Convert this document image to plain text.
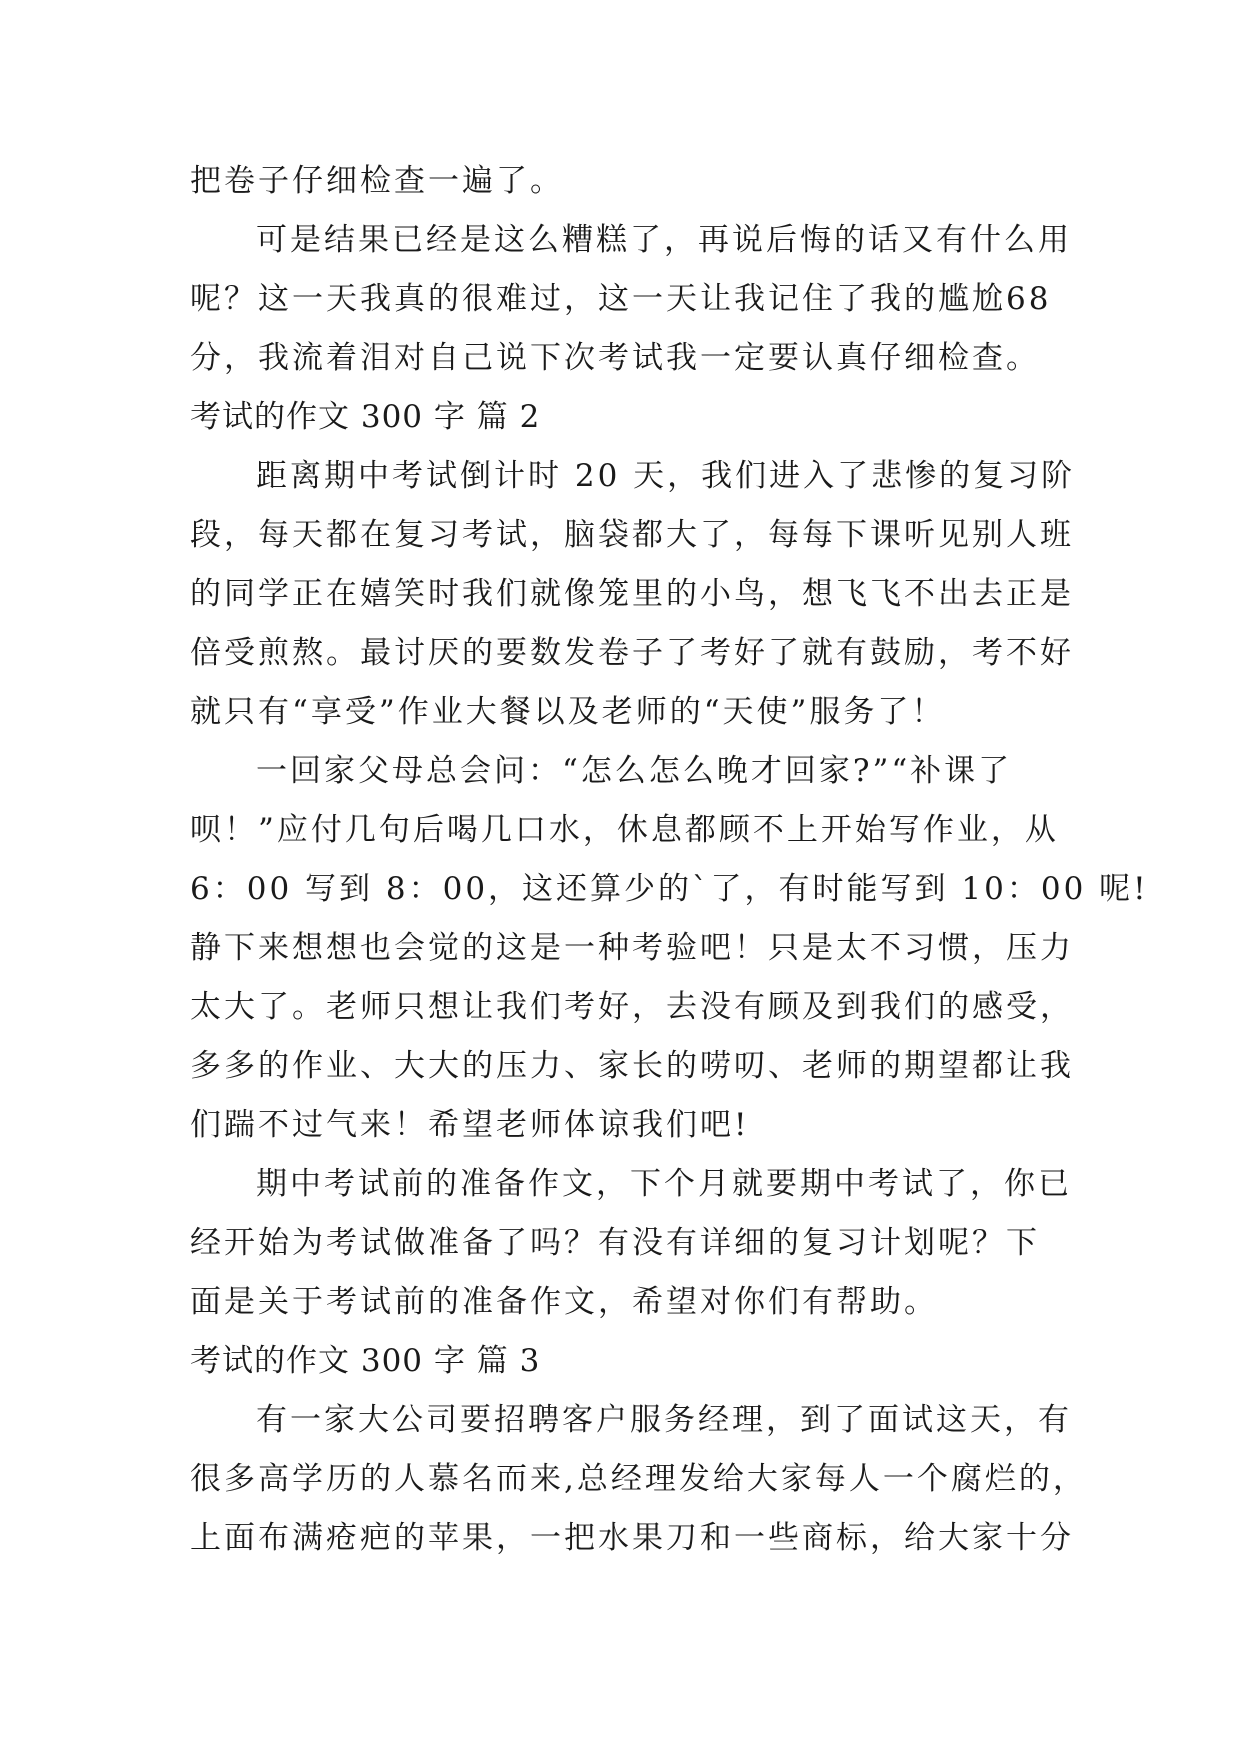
把卷子仔细检查一遍了。
可是结果已经是这么糟糕了，再说后悔的话又有什么用
呢？这一天我真的很难过，这一天让我记住了我的尴尬68
分，我流着泪对自己说下次考试我一定要认真仔细检查。
考试的作文 300 字 篇 2
距离期中考试倒计时 20 天，我们进入了悲惨的复习阶
段，每天都在复习考试，脑袋都大了，每每下课听见别人班
的同学正在嬉笑时我们就像笼里的小鸟，想飞飞不出去正是
倍受煎熬。最讨厌的要数发卷子了考好了就有鼓励，考不好
就只有“享受”作业大餐以及老师的“天使”服务了！
一回家父母总会问：“怎么怎么晚才回家?”“补课了
呗！”应付几句后喝几口水，休息都顾不上开始写作业，从
6：00 写到 8：00，这还算少的`了，有时能写到 10：00 呢!
静下来想想也会觉的这是一种考验吧！只是太不习惯，压力
太大了。老师只想让我们考好，去没有顾及到我们的感受，
多多的作业、大大的压力、家长的唠叨、老师的期望都让我
们踹不过气来！希望老师体谅我们吧!
期中考试前的准备作文，下个月就要期中考试了，你已
经开始为考试做准备了吗？有没有详细的复习计划呢？下
面是关于考试前的准备作文，希望对你们有帮助。
考试的作文 300 字 篇 3
有一家大公司要招聘客户服务经理，到了面试这天，有
很多高学历的人慕名而来,总经理发给大家每人一个腐烂的，
上面布满疮疤的苹果，一把水果刀和一些商标，给大家十分
